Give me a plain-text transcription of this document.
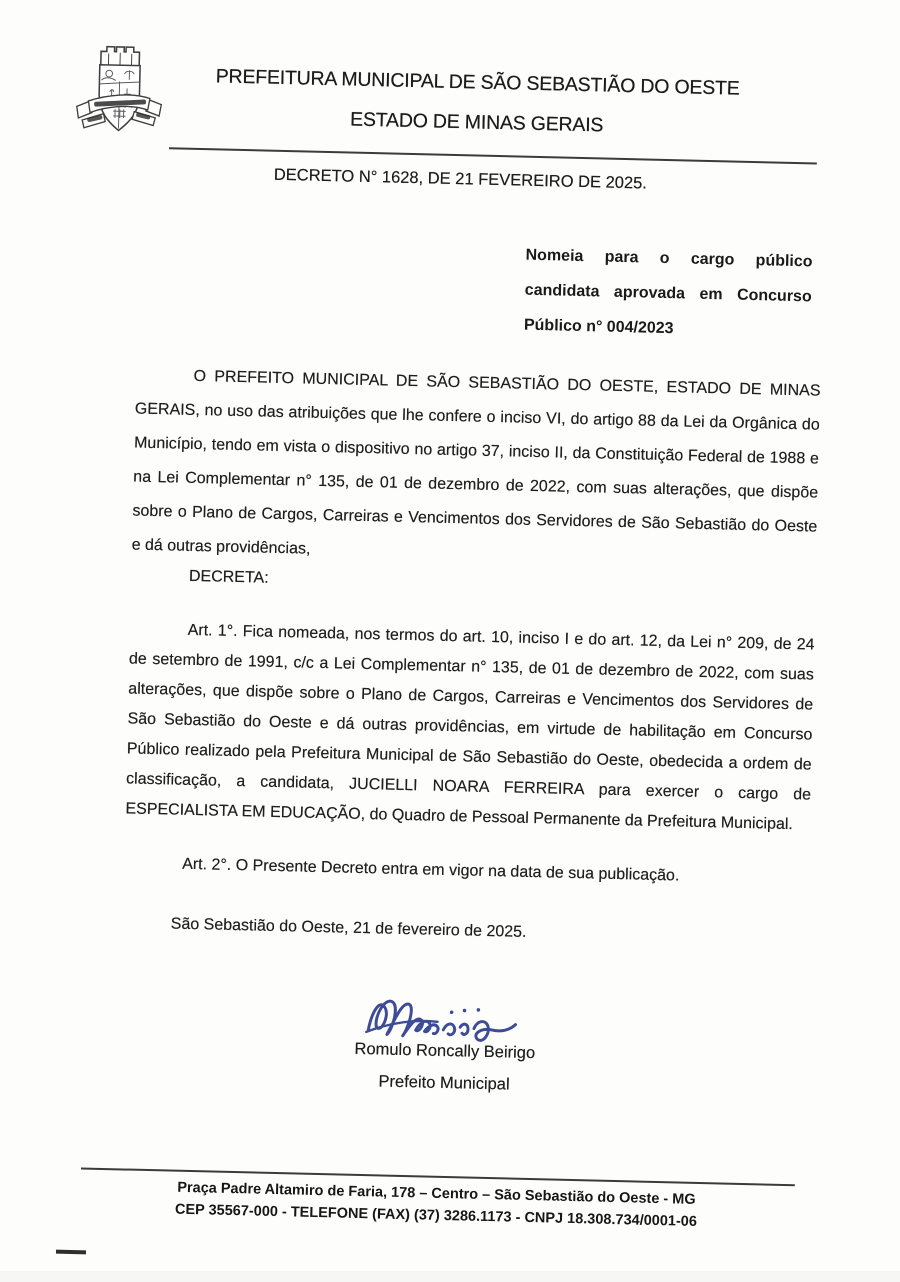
PREFEITURA MUNICIPAL DE SÃO SEBASTIÃO DO OESTE
ESTADO DE MINAS GERAIS
DECRETO N° 1628, DE 21 FEVEREIRO DE 2025.

Nomeia para o cargo público candidata aprovada em Concurso Público n° 004/2023

O PREFEITO MUNICIPAL DE SÃO SEBASTIÃO DO OESTE, ESTADO DE MINAS GERAIS, no uso das atribuições que lhe confere o inciso VI, do artigo 88 da Lei da Orgânica do Município, tendo em vista o dispositivo no artigo 37, inciso II, da Constituição Federal de 1988 e na Lei Complementar n° 135, de 01 de dezembro de 2022, com suas alterações, que dispõe sobre o Plano de Cargos, Carreiras e Vencimentos dos Servidores de São Sebastião do Oeste e dá outras providências,

DECRETA:

Art. 1°. Fica nomeada, nos termos do art. 10, inciso I e do art. 12, da Lei n° 209, de 24 de setembro de 1991, c/c a Lei Complementar n° 135, de 01 de dezembro de 2022, com suas alterações, que dispõe sobre o Plano de Cargos, Carreiras e Vencimentos dos Servidores de São Sebastião do Oeste e dá outras providências, em virtude de habilitação em Concurso Público realizado pela Prefeitura Municipal de São Sebastião do Oeste, obedecida a ordem de classificação, a candidata, JUCIELLI NOARA FERREIRA para exercer o cargo de ESPECIALISTA EM EDUCAÇÃO, do Quadro de Pessoal Permanente da Prefeitura Municipal.

Art. 2°. O Presente Decreto entra em vigor na data de sua publicação.

São Sebastião do Oeste, 21 de fevereiro de 2025.

Romulo Roncally Beirigo
Prefeito Municipal
Praça Padre Altamiro de Faria, 178 – Centro – São Sebastião do Oeste - MG
CEP 35567-000 - TELEFONE (FAX) (37) 3286.1173 - CNPJ 18.308.734/0001-06
